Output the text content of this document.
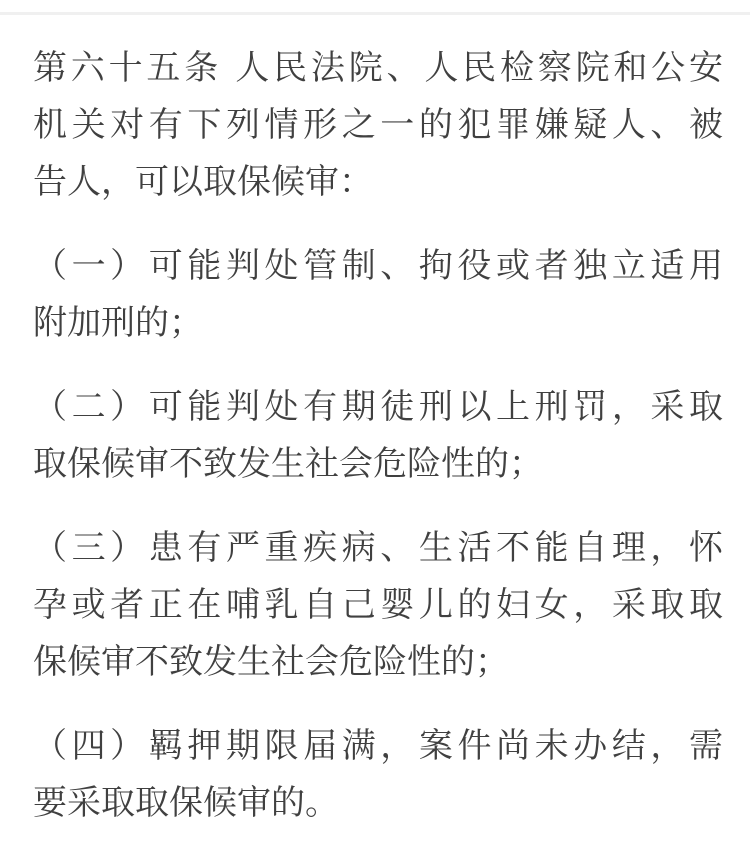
第六十五条 人民法院、人民检察院和公安
机关对有下列情形之一的犯罪嫌疑人、被
告人，可以取保候审：

（一）可能判处管制、拘役或者独立适用
附加刑的；

（二）可能判处有期徒刑以上刑罚，采取
取保候审不致发生社会危险性的；

（三）患有严重疾病、生活不能自理，怀
孕或者正在哺乳自己婴儿的妇女，采取取
保候审不致发生社会危险性的；

（四）羁押期限届满，案件尚未办结，需
要采取取保候审的。
